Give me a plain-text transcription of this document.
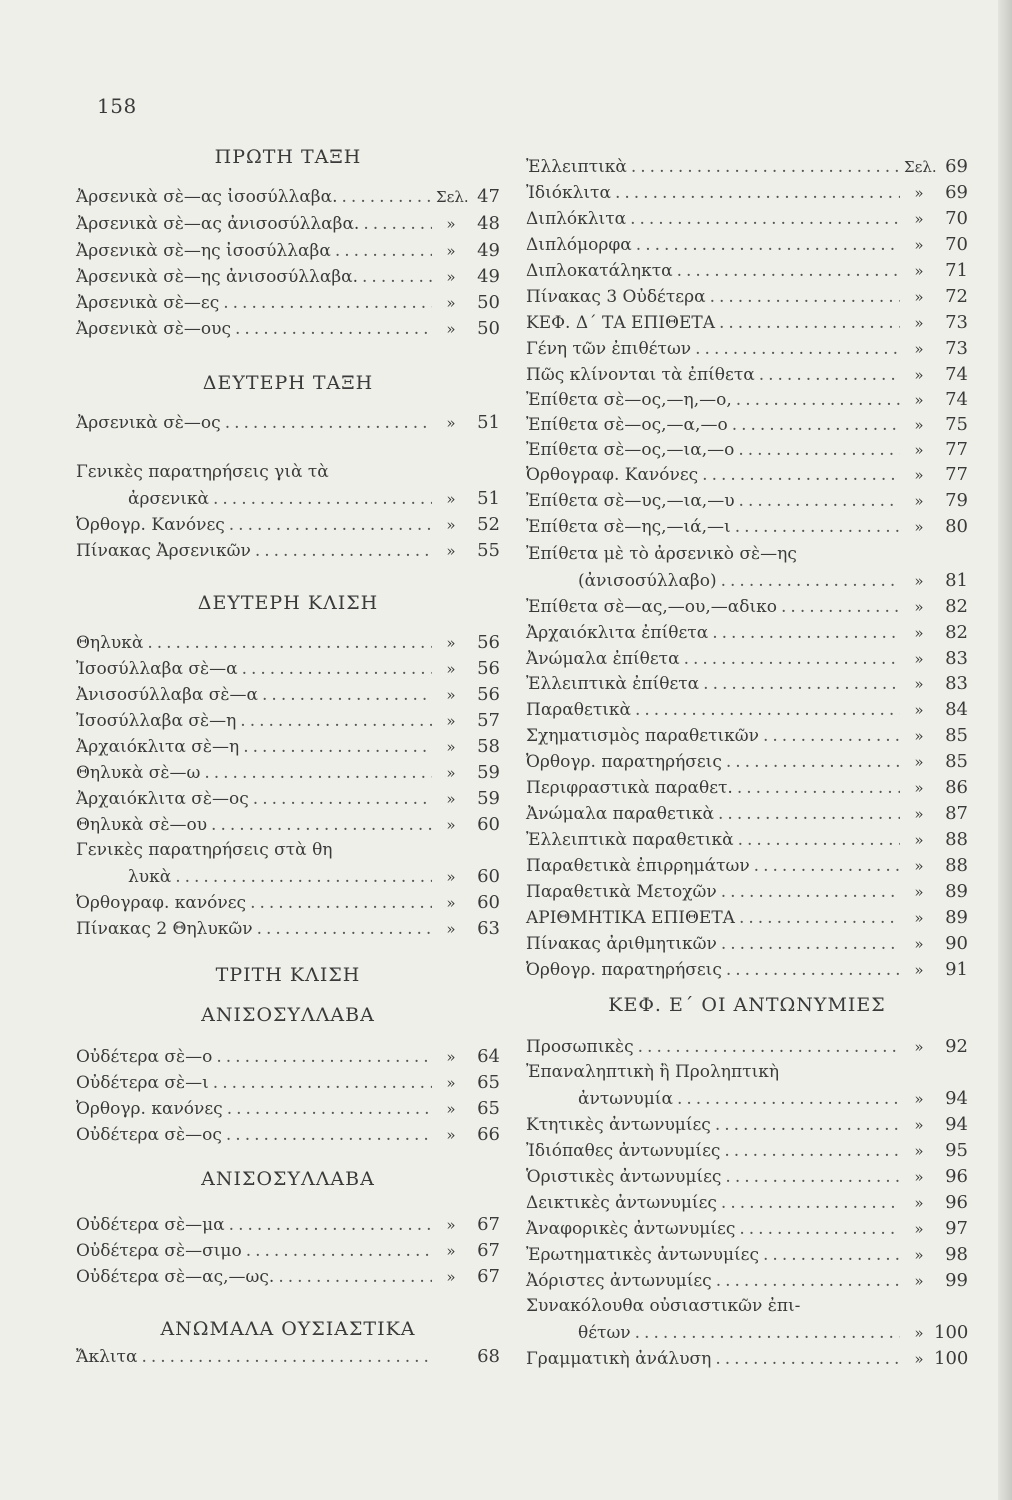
158
ΠΡΩΤΗ ΤΑΞΗ
Ἀρσενικὰ σὲ—ας ἰσοσύλλαβα. .....	Σελ. 47
Ἀρσενικὰ σὲ—ας ἀνισοσύλλαβα. .....	»	48
Ἀρσενικὰ σὲ—ης ἰσοσύλλαβα .....	»	49
Ἀρσενικὰ σὲ—ης ἀνισοσύλλαβα. .....	»	49
Ἀρσενικὰ σὲ—ες .....	»	50
Ἀρσενικὰ σὲ—ους .....	»	50
ΔΕΥΤΕΡΗ ΤΑΞΗ
Ἀρσενικὰ σὲ—ος .....	»	51
Γενικὲς παρατηρήσεις γιὰ τὰ
ἀρσενικὰ .....	»	51
Ὀρθογρ. Κανόνες .....	»	52
Πίνακας Ἀρσενικῶν .....	»	55
ΔΕΥΤΕΡΗ ΚΛΙΣΗ
Θηλυκὰ .....	»	56
Ἰσοσύλλαβα σὲ—α .....	»	56
Ἀνισοσύλλαβα σὲ—α .....	»	56
Ἰσοσύλλαβα σὲ—η .....	»	57
Ἀρχαιόκλιτα σὲ—η .....	»	58
Θηλυκὰ σὲ—ω .....	»	59
Ἀρχαιόκλιτα σὲ—ος .....	»	59
Θηλυκὰ σὲ—ου .....	»	60
Γενικὲς παρατηρήσεις στὰ θη
λυκὰ .....	»	60
Ὀρθογραφ. κανόνες .....	»	60
Πίνακας 2 Θηλυκῶν .....	»	63
ΤΡΙΤΗ ΚΛΙΣΗ
ΑΝΙΣΟΣΥΛΛΑΒΑ
Οὐδέτερα σὲ—ο .....	»	64
Οὐδέτερα σὲ—ι .....	»	65
Ὀρθογρ. κανόνες .....	»	65
Οὐδέτερα σὲ—ος .....	»	66
ΑΝΙΣΟΣΥΛΛΑΒΑ
Οὐδέτερα σὲ—μα .....	»	67
Οὐδέτερα σὲ—σιμο .....	»	67
Οὐδέτερα σὲ—ας,—ως. .....	»	67
ΑΝΩΜΑΛΑ ΟΥΣΙΑΣΤΙΚΑ
Ἄκλιτα .....	68
Ἐλλειπτικὰ .....	Σελ. 69
Ἰδιόκλιτα .....	»	69
Διπλόκλιτα .....	»	70
Διπλόμορφα .....	»	70
Διπλοκατάληκτα .....	»	71
Πίνακας 3 Οὐδέτερα .....	»	72
ΚΕΦ. Δ΄ ΤΑ ΕΠΙΘΕΤΑ .....	»	73
Γένη τῶν ἐπιθέτων .....	»	73
Πῶς κλίνονται τὰ ἐπίθετα .....	»	74
Ἐπίθετα σὲ—ος,—η,—ο, .....	»	74
Ἐπίθετα σὲ—ος,—α,—ο .....	»	75
Ἐπίθετα σὲ—ος,—ια,—ο .....	»	77
Ὀρθογραφ. Κανόνες .....	»	77
Ἐπίθετα σὲ—υς,—ια,—υ .....	»	79
Ἐπίθετα σὲ—ης,—ιά,—ι .....	»	80
Ἐπίθετα μὲ τὸ ἀρσενικὸ σὲ—ης
(ἀνισοσύλλαβο) .....	»	81
Ἐπίθετα σὲ—ας,—ου,—αδικο .....	»	82
Ἀρχαιόκλιτα ἐπίθετα .....	»	82
Ἀνώμαλα ἐπίθετα .....	»	83
Ἐλλειπτικὰ ἐπίθετα .....	»	83
Παραθετικὰ .....	»	84
Σχηματισμὸς παραθετικῶν .....	»	85
Ὀρθογρ. παρατηρήσεις .....	»	85
Περιφραστικὰ παραθετ. .....	»	86
Ἀνώμαλα παραθετικὰ .....	»	87
Ἐλλειπτικὰ παραθετικὰ .....	»	88
Παραθετικὰ ἐπιρρημάτων .....	»	88
Παραθετικὰ Μετοχῶν .....	»	89
ΑΡΙΘΜΗΤΙΚΑ ΕΠΙΘΕΤΑ .....	»	89
Πίνακας ἀριθμητικῶν .....	»	90
Ὀρθογρ. παρατηρήσεις .....	»	91
ΚΕΦ. Ε΄ ΟΙ ΑΝΤΩΝΥΜΙΕΣ
Προσωπικὲς .....	»	92
Ἐπαναληπτικὴ ἢ Προληπτικὴ
ἀντωνυμία .....	»	94
Κτητικὲς ἀντωνυμίες .....	»	94
Ἰδιόπαθες ἀντωνυμίες .....	»	95
Ὁριστικὲς ἀντωνυμίες .....	»	96
Δεικτικὲς ἀντωνυμίες .....	»	96
Ἀναφορικὲς ἀντωνυμίες .....	»	97
Ἐρωτηματικὲς ἀντωνυμίες .....	»	98
Ἀόριστες ἀντωνυμίες .....	»	99
Συνακόλουθα οὐσιαστικῶν ἐπι-
θέτων .....	» 100
Γραμματικὴ ἀνάλυση .....	» 100
